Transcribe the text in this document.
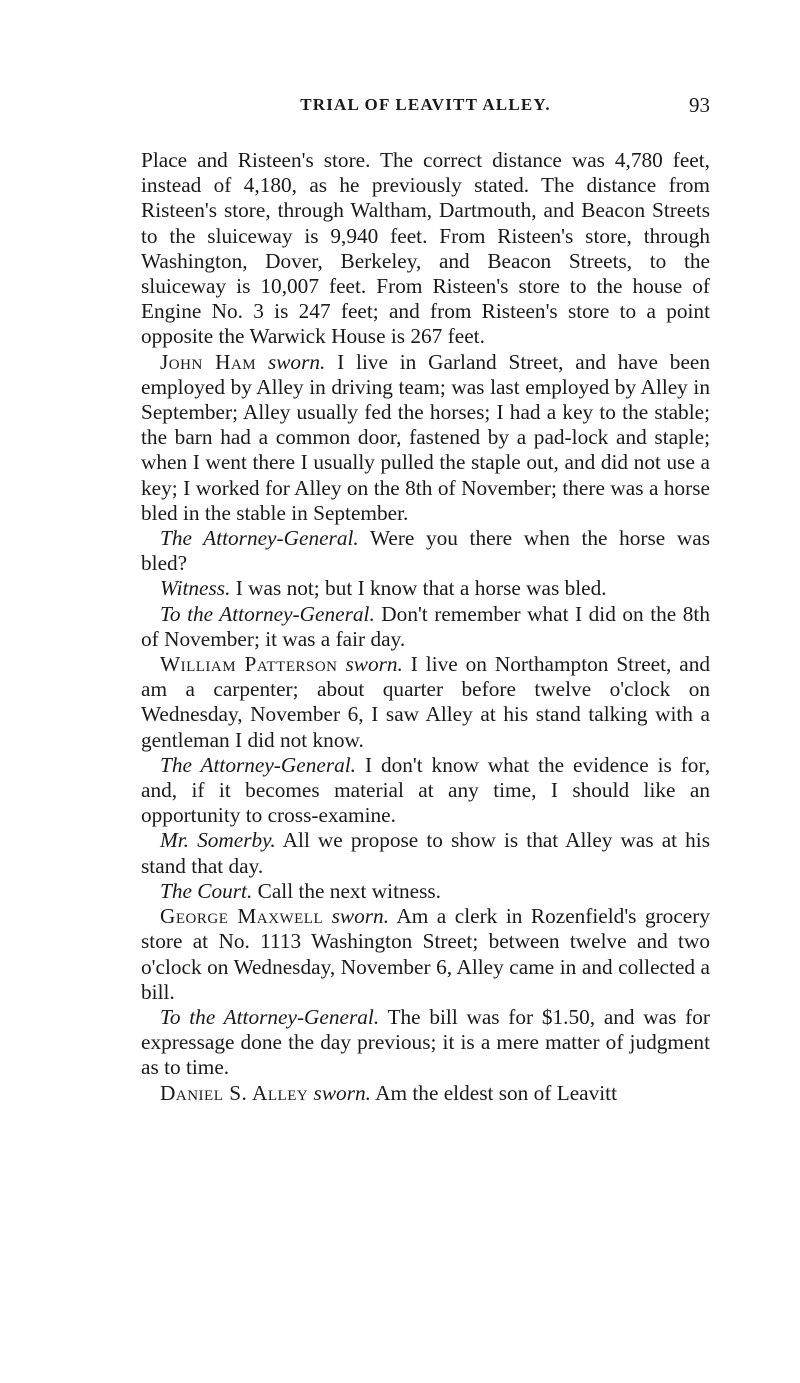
TRIAL OF LEAVITT ALLEY.	93

Place and Risteen's store. The correct distance was 4,780 feet, instead of 4,180, as he previously stated. The distance from Risteen's store, through Waltham, Dartmouth, and Beacon Streets to the sluiceway is 9,940 feet. From Risteen's store, through Washington, Dover, Berkeley, and Beacon Streets, to the sluiceway is 10,007 feet. From Risteen's store to the house of Engine No. 3 is 247 feet; and from Risteen's store to a point opposite the Warwick House is 267 feet.

John Ham sworn. I live in Garland Street, and have been employed by Alley in driving team; was last employed by Alley in September; Alley usually fed the horses; I had a key to the stable; the barn had a common door, fastened by a pad-lock and staple; when I went there I usually pulled the staple out, and did not use a key; I worked for Alley on the 8th of November; there was a horse bled in the stable in September.

The Attorney-General. Were you there when the horse was bled?

Witness. I was not; but I know that a horse was bled.

To the Attorney-General. Don't remember what I did on the 8th of November; it was a fair day.

William Patterson sworn. I live on Northampton Street, and am a carpenter; about quarter before twelve o'clock on Wednesday, November 6, I saw Alley at his stand talking with a gentleman I did not know.

The Attorney-General. I don't know what the evidence is for, and, if it becomes material at any time, I should like an opportunity to cross-examine.

Mr. Somerby. All we propose to show is that Alley was at his stand that day.

The Court. Call the next witness.

George Maxwell sworn. Am a clerk in Rozenfield's grocery store at No. 1113 Washington Street; between twelve and two o'clock on Wednesday, November 6, Alley came in and collected a bill.

To the Attorney-General. The bill was for $1.50, and was for expressage done the day previous; it is a mere matter of judgment as to time.

Daniel S. Alley sworn. Am the eldest son of Leavitt
